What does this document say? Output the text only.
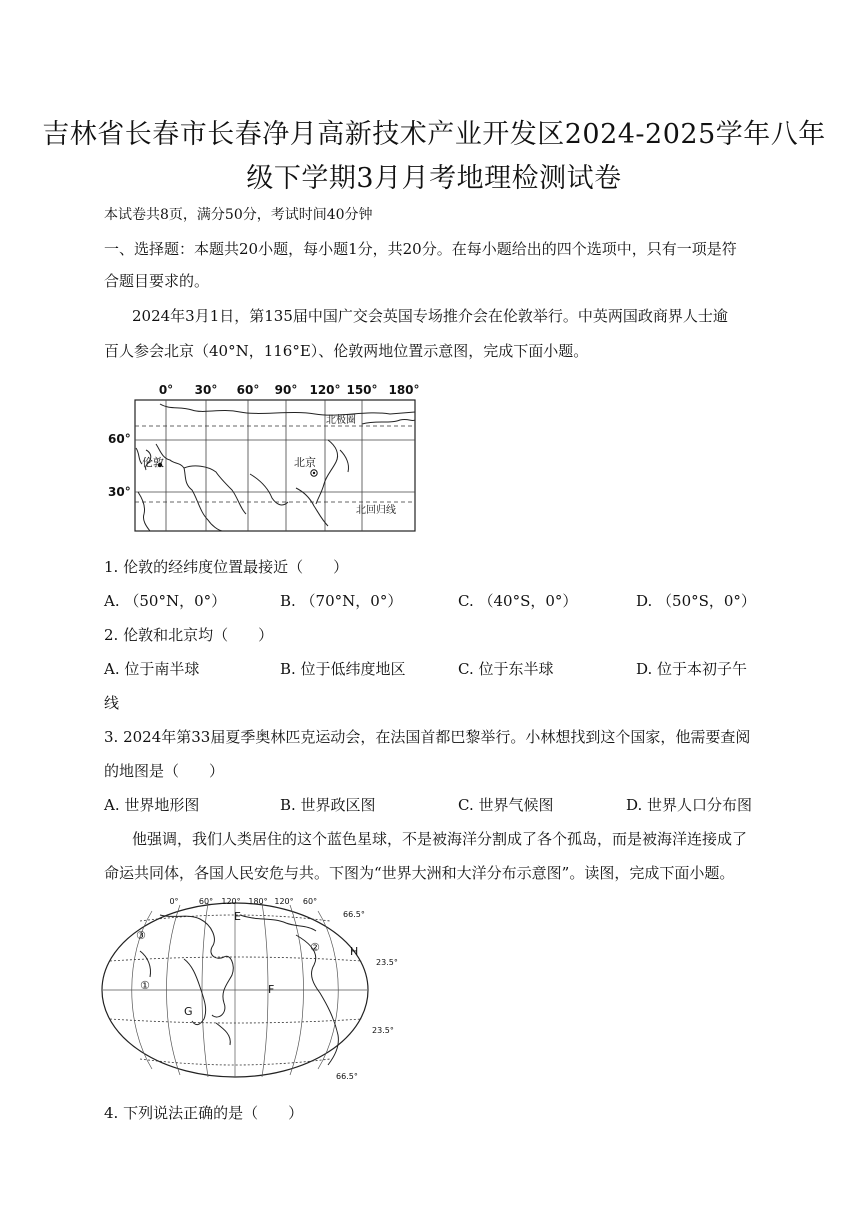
吉林省长春市长春净月高新技术产业开发区2024-2025学年八年
级下学期3月月考地理检测试卷
本试卷共8页，满分50分，考试时间40分钟
一、选择题：本题共20小题，每小题1分，共20分。在每小题给出的四个选项中，只有一项是符
合题目要求的。
2024年3月1日，第135届中国广交会英国专场推介会在伦敦举行。中英两国政商界人士逾
百人参会北京（40°N，116°E）、伦敦两地位置示意图，完成下面小题。
0° 30° 60° 90° 120° 150° 180°
60°
30°
伦敦	北京
北极圈
北回归线
1. 伦敦的经纬度位置最接近（　　）
A. （50°N，0°）	B. （70°N，0°）	C. （40°S，0°）	D. （50°S，0°）
2. 伦敦和北京均（　　）
A. 位于南半球	B. 位于低纬度地区	C. 位于东半球	D. 位于本初子午
线
3. 2024年第33届夏季奥林匹克运动会，在法国首都巴黎举行。小林想找到这个国家，他需要查阅
的地图是（　　）
A. 世界地形图	B. 世界政区图	C. 世界气候图	D. 世界人口分布图
他强调，我们人类居住的这个蓝色星球，不是被海洋分割成了各个孤岛，而是被海洋连接成了
命运共同体，各国人民安危与共。下图为“世界大洲和大洋分布示意图”。读图，完成下面小题。
0°	60° 120° 180° 120° 60°
66.5°
23.5°
23.5°
66.5°
E
F
G
H
③
②
①
4. 下列说法正确的是（　　）
